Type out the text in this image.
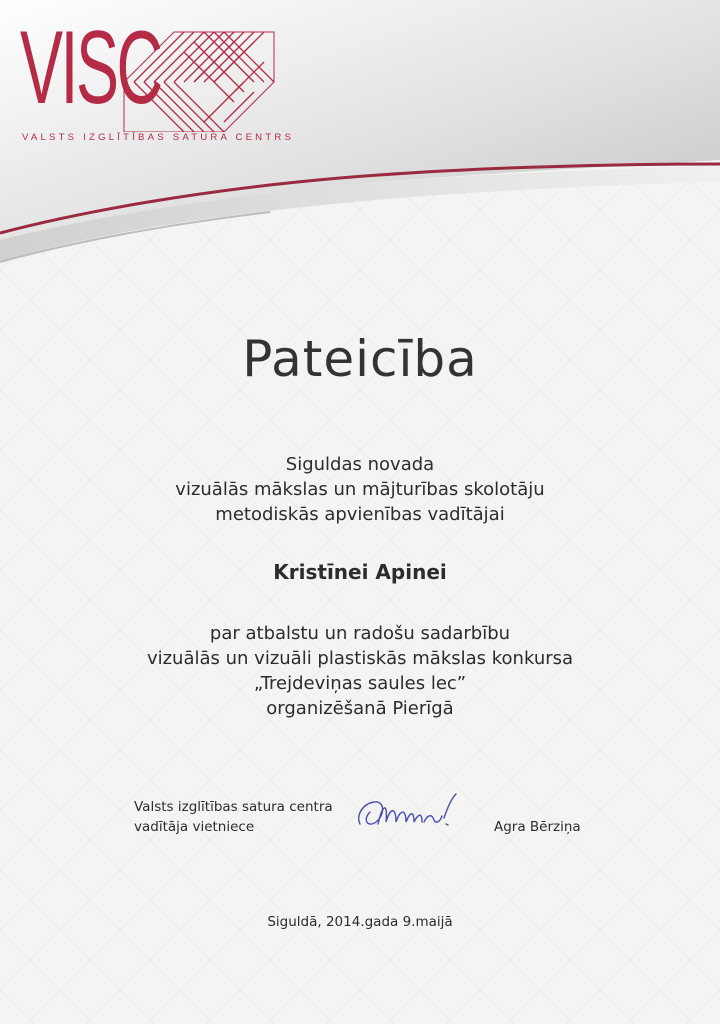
VISC
VALSTS IZGLĪTĪBAS SATURA CENTRS
Pateicība
Siguldas novada
vizuālās mākslas un mājturības skolotāju
metodiskās apvienības vadītājai
Kristīnei Apinei
par atbalstu un radošu sadarbību
vizuālās un vizuāli plastiskās mākslas konkursa
„Trejdeviņas saules lec”
organizēšanā Pierīgā
Valsts izglītības satura centra
vadītāja vietniece	Agra Bērziņa
Siguldā, 2014.gada 9.maijā
